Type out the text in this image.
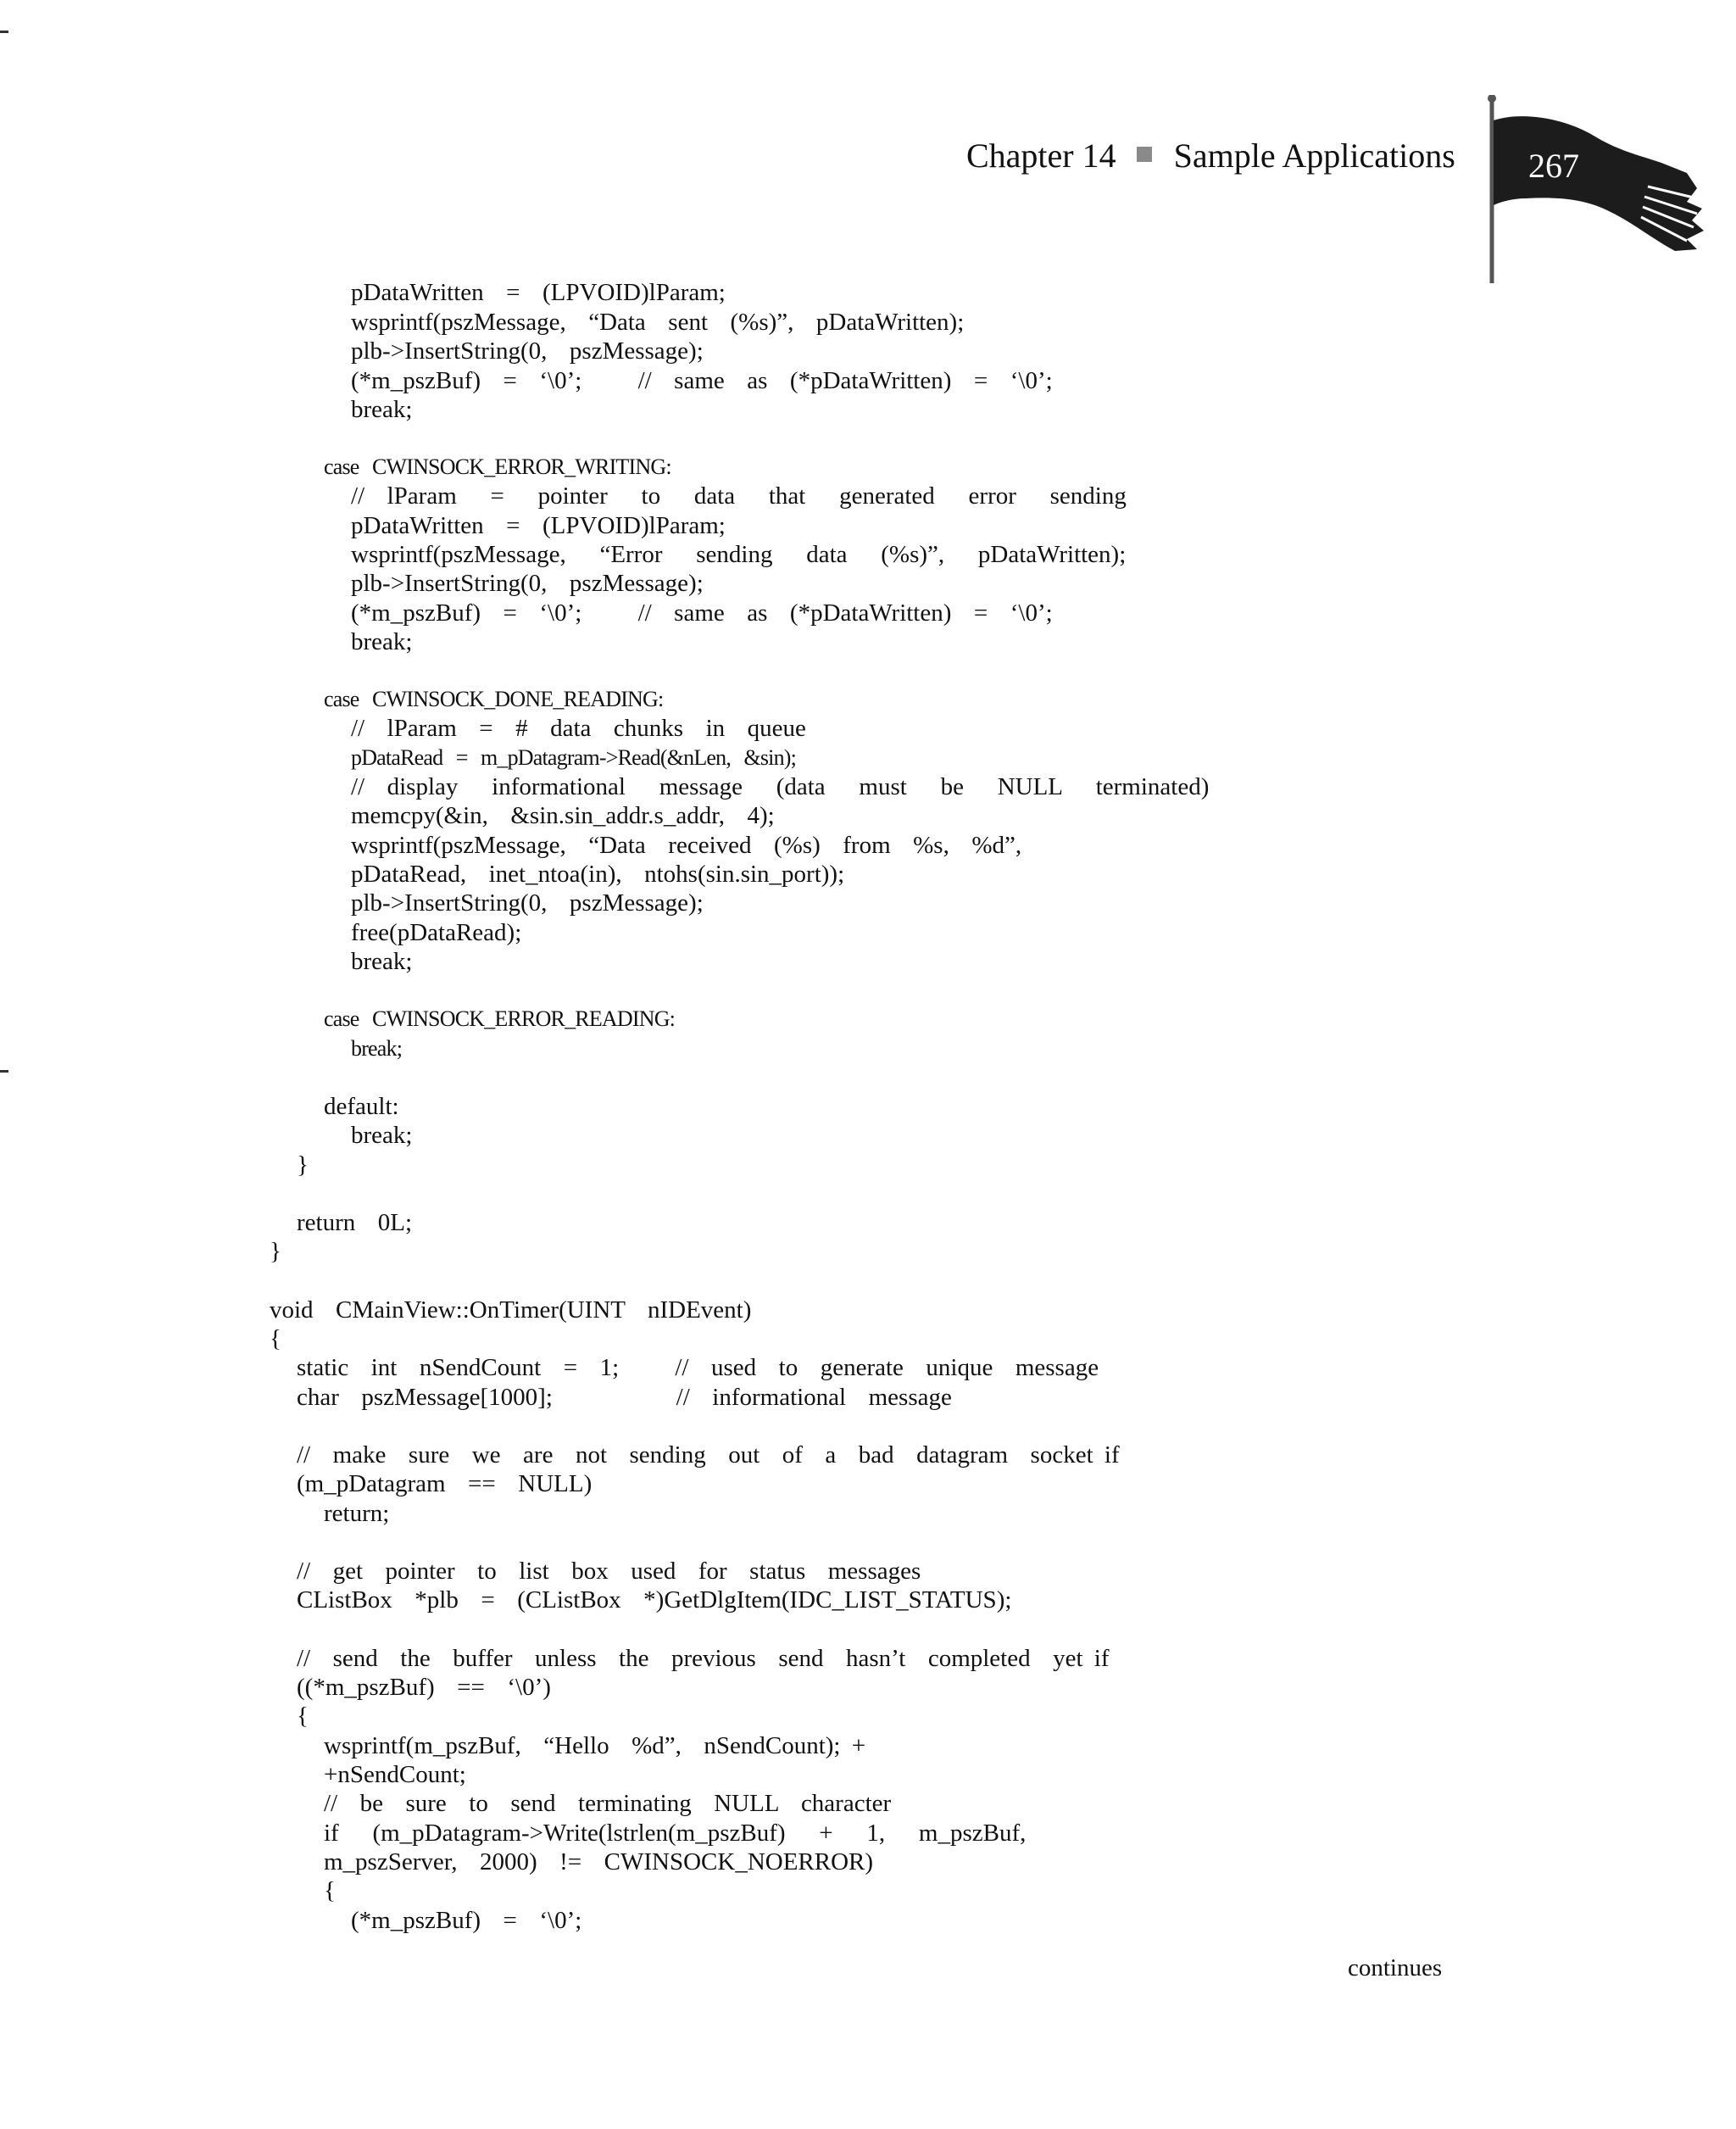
Chapter 14 Sample Applications	267
pDataWritten  =  (LPVOID)lParam;
wsprintf(pszMessage,  “Data  sent  (%s)”,  pDataWritten);
plb->InsertString(0,  pszMessage);
(*m_pszBuf)  =  ‘\0’;     //  same  as  (*pDataWritten)  =  ‘\0’;
break;
case  CWINSOCK_ERROR_WRITING:
//  lParam   =   pointer   to   data   that   generated   error   sending
pDataWritten  =  (LPVOID)lParam;
wsprintf(pszMessage,   “Error   sending   data   (%s)”,   pDataWritten);
plb->InsertString(0,  pszMessage);
(*m_pszBuf)  =  ‘\0’;     //  same  as  (*pDataWritten)  =  ‘\0’;
break;
case  CWINSOCK_DONE_READING:
//  lParam  =  #  data  chunks  in  queue
pDataRead  =  m_pDatagram->Read(&nLen,  &sin);
//  display   informational   message   (data   must   be   NULL   terminated)
memcpy(&in,  &sin.sin_addr.s_addr,  4);
wsprintf(pszMessage,  “Data  received  (%s)  from  %s,  %d”,
pDataRead,  inet_ntoa(in),  ntohs(sin.sin_port));
plb->InsertString(0,  pszMessage);
free(pDataRead);
break;
case  CWINSOCK_ERROR_READING:
break;
default:
break;
}
return  0L;
}
void  CMainView::OnTimer(UINT  nIDEvent)
{
static  int  nSendCount  =  1;     //  used  to  generate  unique  message
char  pszMessage[1000];           //  informational  message
//  make  sure  we  are  not  sending  out  of  a  bad  datagram  socket if
(m_pDatagram  ==  NULL)
return;
//  get  pointer  to  list  box  used  for  status  messages
CListBox  *plb  =  (CListBox  *)GetDlgItem(IDC_LIST_STATUS);
//  send  the  buffer  unless  the  previous  send  hasn’t  completed  yet if
((*m_pszBuf)  ==  ‘\0’)
{
wsprintf(m_pszBuf,  “Hello  %d”,  nSendCount); +
+nSendCount;
//  be  sure  to  send  terminating  NULL  character
if   (m_pDatagram->Write(lstrlen(m_pszBuf)   +   1,   m_pszBuf,
m_pszServer,  2000)  !=  CWINSOCK_NOERROR)
{
(*m_pszBuf)  =  ‘\0’;
continues
